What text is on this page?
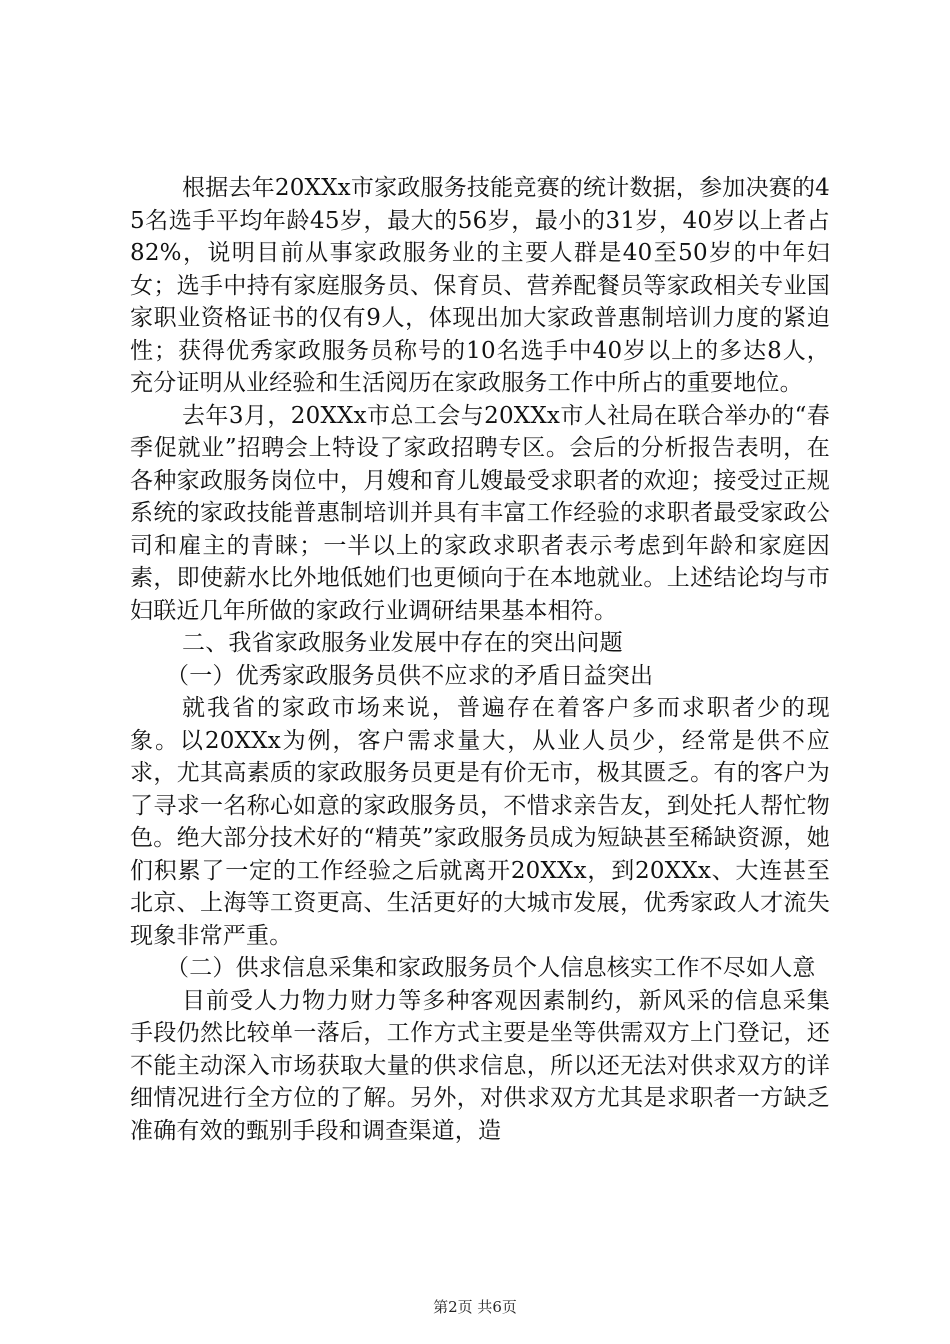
根据去年20XXx市家政服务技能竞赛的统计数据，参加决赛的45名选手平均年龄45岁，最大的56岁，最小的31岁，40岁以上者占82%，说明目前从事家政服务业的主要人群是40至50岁的中年妇女；选手中持有家庭服务员、保育员、营养配餐员等家政相关专业国家职业资格证书的仅有9人，体现出加大家政普惠制培训力度的紧迫性；获得优秀家政服务员称号的10名选手中40岁以上的多达8人，充分证明从业经验和生活阅历在家政服务工作中所占的重要地位。

去年3月，20XXx市总工会与20XXx市人社局在联合举办的“春季促就业”招聘会上特设了家政招聘专区。会后的分析报告表明，在各种家政服务岗位中，月嫂和育儿嫂最受求职者的欢迎；接受过正规系统的家政技能普惠制培训并具有丰富工作经验的求职者最受家政公司和雇主的青睐；一半以上的家政求职者表示考虑到年龄和家庭因素，即使薪水比外地低她们也更倾向于在本地就业。上述结论均与市妇联近几年所做的家政行业调研结果基本相符。

二、我省家政服务业发展中存在的突出问题

（一）优秀家政服务员供不应求的矛盾日益突出

就我省的家政市场来说，普遍存在着客户多而求职者少的现象。以20XXx为例，客户需求量大，从业人员少，经常是供不应求，尤其高素质的家政服务员更是有价无市，极其匮乏。有的客户为了寻求一名称心如意的家政服务员，不惜求亲告友，到处托人帮忙物色。绝大部分技术好的“精英”家政服务员成为短缺甚至稀缺资源，她们积累了一定的工作经验之后就离开20XXx，到20XXx、大连甚至北京、上海等工资更高、生活更好的大城市发展，优秀家政人才流失现象非常严重。

（二）供求信息采集和家政服务员个人信息核实工作不尽如人意

目前受人力物力财力等多种客观因素制约，新风采的信息采集手段仍然比较单一落后，工作方式主要是坐等供需双方上门登记，还不能主动深入市场获取大量的供求信息，所以还无法对供求双方的详细情况进行全方位的了解。另外，对供求双方尤其是求职者一方缺乏准确有效的甄别手段和调查渠道，造

第2页 共6页
